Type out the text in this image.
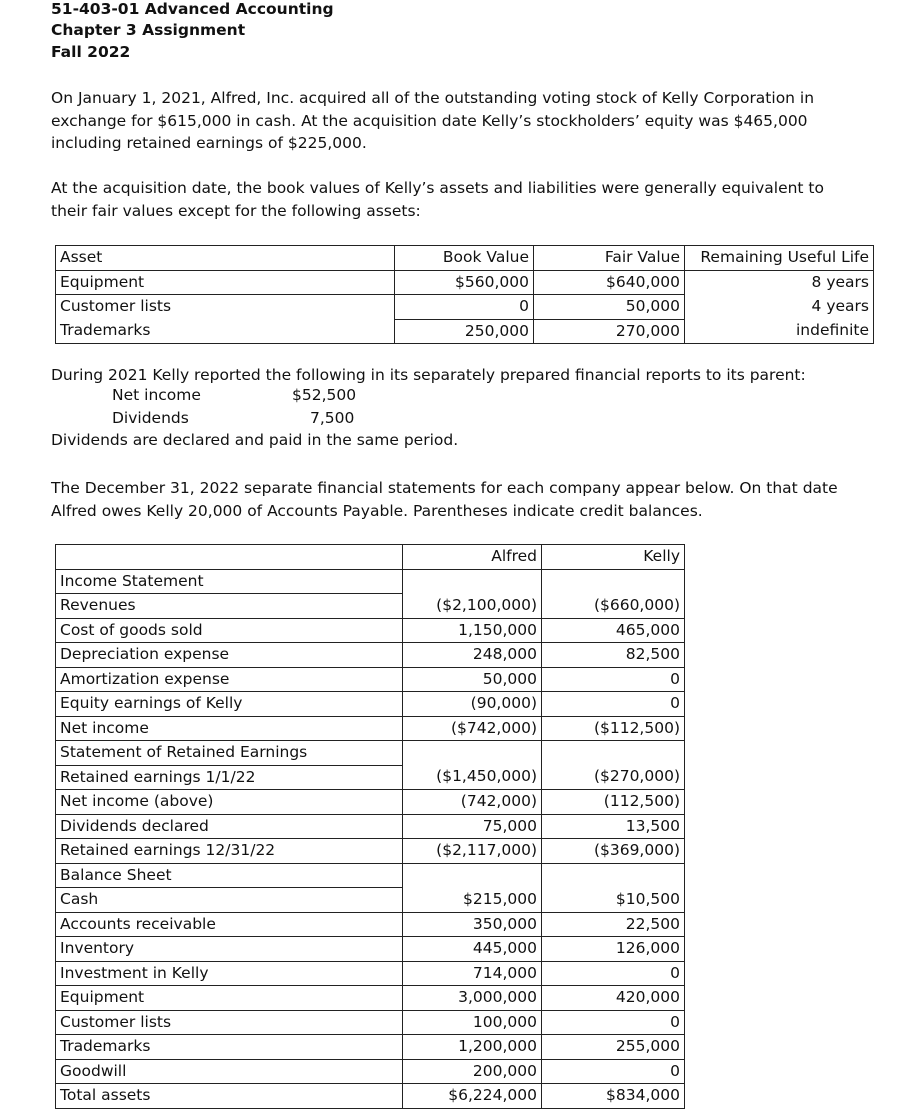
51-403-01 Advanced Accounting
Chapter 3 Assignment
Fall 2022
On January 1, 2021, Alfred, Inc. acquired all of the outstanding voting stock of Kelly Corporation in exchange for $615,000 in cash. At the acquisition date Kelly’s stockholders’ equity was $465,000 including retained earnings of $225,000.
At the acquisition date, the book values of Kelly’s assets and liabilities were generally equivalent to their fair values except for the following assets:
Asset	Book Value	Fair Value	Remaining Useful Life
Equipment	$560,000	$640,000	8 years
Customer lists	0	50,000	4 years
Trademarks	250,000	270,000	indefinite
During 2021 Kelly reported the following in its separately prepared financial reports to its parent:
Net income	$52,500
Dividends	7,500
Dividends are declared and paid in the same period.
The December 31, 2022 separate financial statements for each company appear below. On that date Alfred owes Kelly 20,000 of Accounts Payable. Parentheses indicate credit balances.
	Alfred	Kelly
Income Statement		
Revenues	($2,100,000)	($660,000)
Cost of goods sold	1,150,000	465,000
Depreciation expense	248,000	82,500
Amortization expense	50,000	0
Equity earnings of Kelly	(90,000)	0
Net income	($742,000)	($112,500)
Statement of Retained Earnings		
Retained earnings 1/1/22	($1,450,000)	($270,000)
Net income (above)	(742,000)	(112,500)
Dividends declared	75,000	13,500
Retained earnings 12/31/22	($2,117,000)	($369,000)
Balance Sheet		
Cash	$215,000	$10,500
Accounts receivable	350,000	22,500
Inventory	445,000	126,000
Investment in Kelly	714,000	0
Equipment	3,000,000	420,000
Customer lists	100,000	0
Trademarks	1,200,000	255,000
Goodwill	200,000	0
Total assets	$6,224,000	$834,000
